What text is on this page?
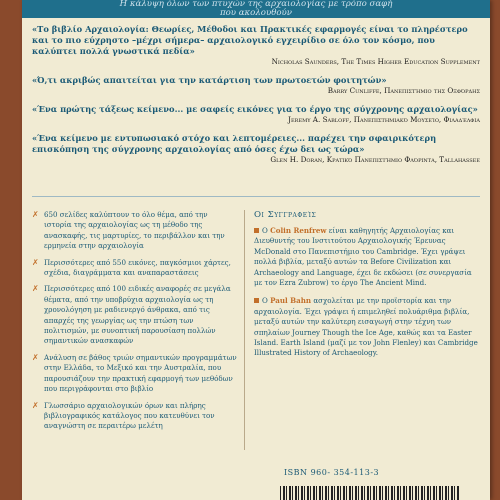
Η κάλυψη όλων των πτυχών της αρχαιολογίας με τρόπο σαφή
που ακολουθούν
«Το βιβλίο Αρχαιολογία: Θεωρίες, Μέθοδοι και Πρακτικές εφαρμογές είναι το πληρέστερο και το πιο εύχρηστο –μέχρι σήμερα– αρχαιολογικό εγχειρίδιο σε όλο τον κόσμο, που καλύπτει πολλά γνωστικά πεδία»
Nicholas Saunders, The Times Higher Education Supplement
«Ό,τι ακριβώς απαιτείται για την κατάρτιση των πρωτοετών φοιτητών»
Barry Cunliffe, Πανεπιστήμιο της Οξφόρδης
«Ένα πρώτης τάξεως κείμενο... με σαφείς εικόνες για το έργο της σύγχρονης αρχαιολογίας»
Jeremy A. Sabloff, Πανεπιστημιακό Μουσείο, Φιλαδέλφια
«Ένα κείμενο με εντυπωσιακό στόχο και λεπτομέρειες... παρέχει την σφαιρικότερη επισκόπηση της σύγχρονης αρχαιολογίας από όσες έχω δει ως τώρα»
Glen H. Doran, Κρατικό Πανεπιστήμιο Φλόριντα, Tallahassee
✗ 650 σελίδες καλύπτουν το όλο θέμα, από την ιστορία της αρχαιολογίας ως τη μέθοδο της ανασκαφής, τις μαρτυρίες, το περιβάλλον και την ερμηνεία στην αρχαιολογία
✗ Περισσότερες από 550 εικόνες, παγκόσμιοι χάρτες, σχέδια, διαγράμματα και αναπαραστάσεις
✗ Περισσότερες από 100 ειδικές αναφορές σε μεγάλα θέματα, από την υποβρύχια αρχαιολογία ως τη χρονολόγηση με ραδιενεργό άνθρακα, από τις απαρχές της γεωργίας ως την πτώση των πολιτισμών, με συνοπτική παρουσίαση πολλών σημαντικών ανασκαφών
✗ Ανάλυση σε βάθος τριών σημαντικών προγραμμάτων στην Ελλάδα, το Μεξικό και την Αυστραλία, που παρουσιάζουν την πρακτική εφαρμογή των μεθόδων που περιγράφονται στο βιβλίο
✗ Γλωσσάριο αρχαιολογικών όρων και πλήρης βιβλιογραφικός κατάλογος που κατευθύνει τον αναγνώστη σε περαιτέρω μελέτη
Οι Συγγραφείς
Ο Colin Renfrew είναι καθηγητής Αρχαιολογίας και Διευθυντής του Ινστιτούτου Αρχαιολογικής Έρευνας McDonald στο Πανεπιστήμιο του Cambridge. Έχει γράψει πολλά βιβλία, μεταξύ αυτών τα Before Civilization και Archaeology and Language, έχει δε εκδώσει (σε συνεργασία με τον Ezra Zubrow) το έργο The Ancient Mind.
Ο Paul Bahn ασχολείται με την προϊστορία και την αρχαιολογία. Έχει γράψει ή επιμεληθεί πολυάριθμα βιβλία, μεταξύ αυτών την καλύτερη εισαγωγή στην τέχνη των σπηλαίων Journey Though the Ice Age, καθώς και τα Easter Island. Earth Island (μαζί με τον John Flenley) και Cambridge Illustrated History of Archaeology.
ISBN 960- 354-113-3
